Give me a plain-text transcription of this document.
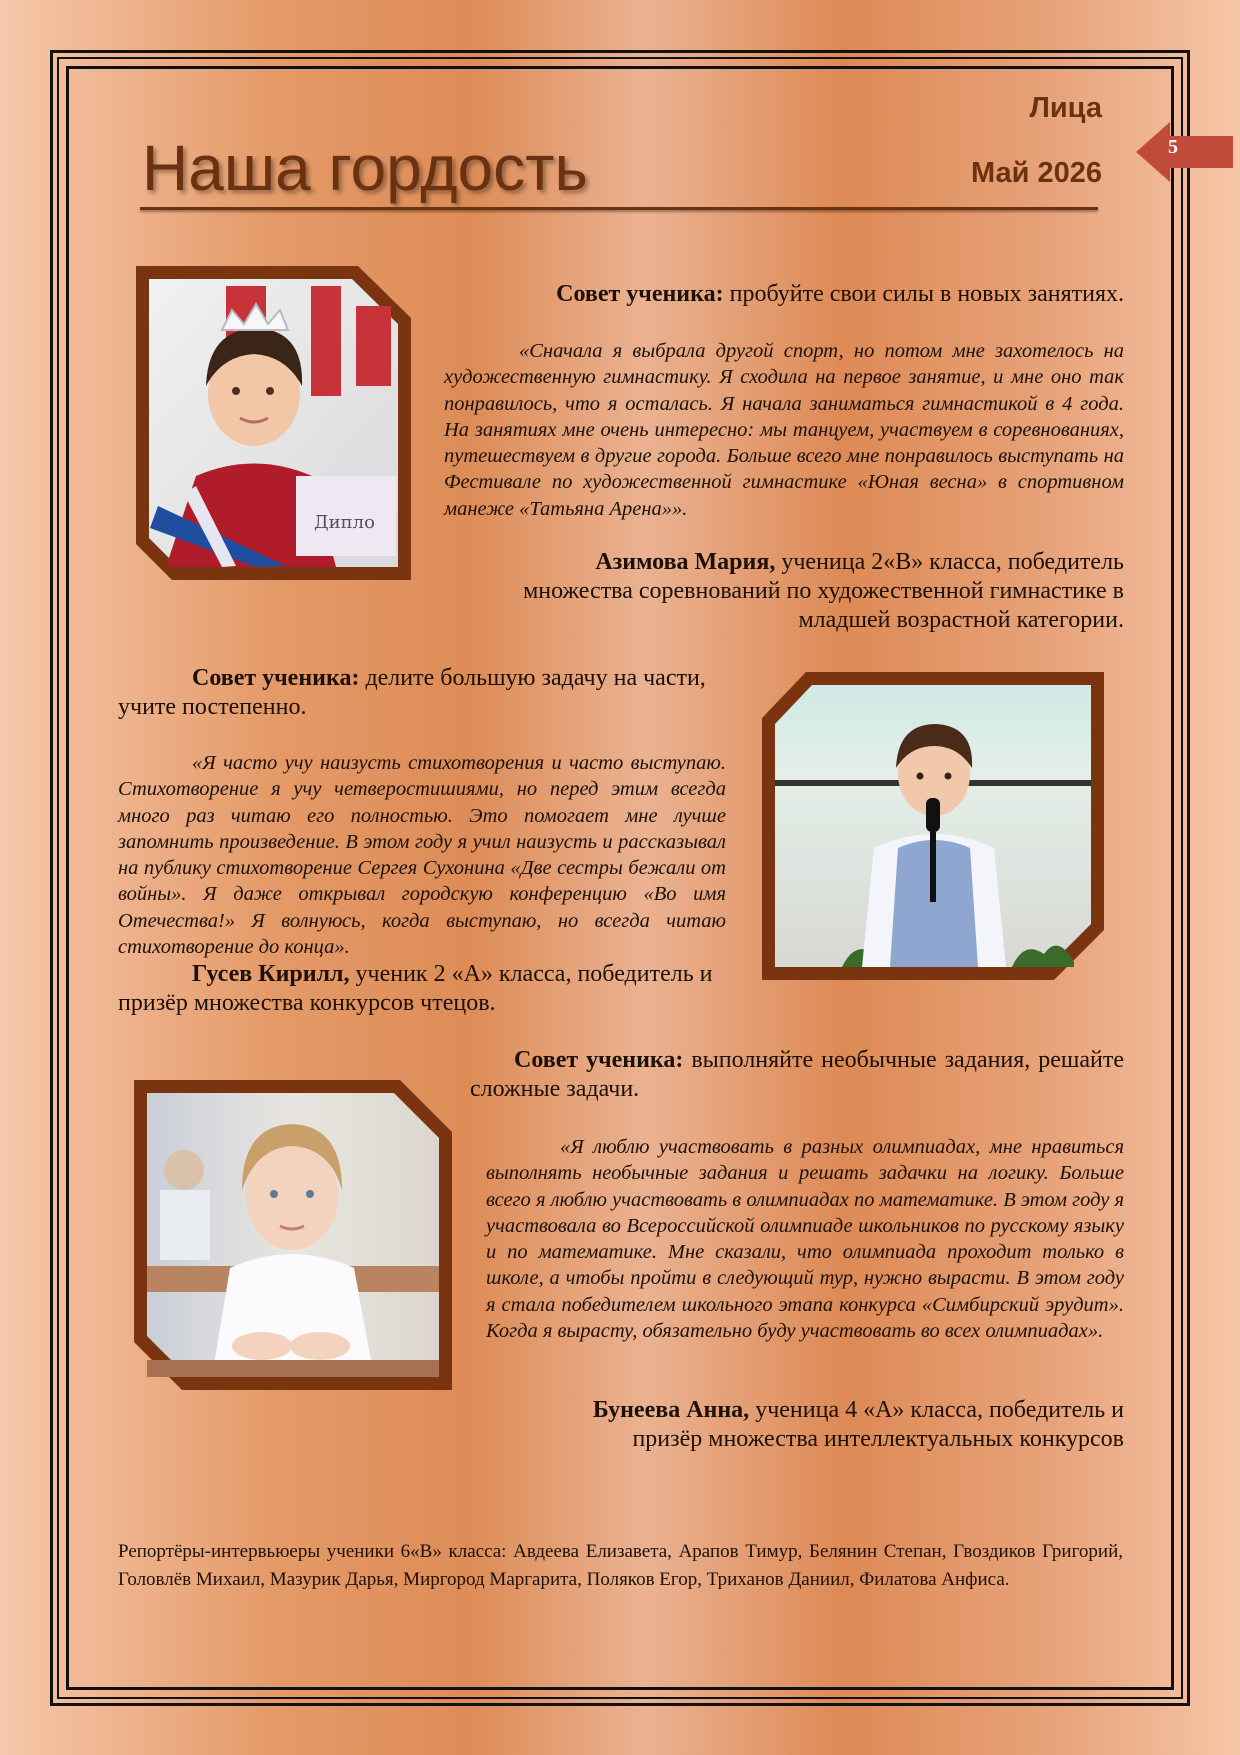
Наша гордость
Лица
Май 2026
5
Дипло

Совет ученика: пробуйте свои силы в новых занятиях.

«Сначала я выбрала другой спорт, но потом мне захотелось на художественную гимнастику. Я сходила на первое занятие, и мне оно так понравилось, что я осталась. Я начала заниматься гимнастикой в 4 года. На занятиях мне очень интересно: мы танцуем, участвуем в соревнованиях, путешествуем в другие города. Больше всего мне понравилось выступать на Фестивале по художественной гимнастике «Юная весна» в спортивном манеже «Татьяна Арена»».

Азимова Мария, ученица 2«В» класса, победитель множества соревнований по художественной гимнастике в младшей возрастной категории.

Совет ученика: делите большую задачу на части, учите постепенно.

«Я часто учу наизусть стихотворения и часто выступаю. Стихотворение я учу четверостишиями, но перед этим всегда много раз читаю его полностью. Это помогает мне лучше запомнить произведение. В этом году я учил наизусть и рассказывал на публику стихотворение Сергея Сухонина «Две сестры бежали от войны». Я даже открывал городскую конференцию «Во имя Отечества!» Я волнуюсь, когда выступаю, но всегда читаю стихотворение до конца».

Гусев Кирилл, ученик 2 «А» класса, победитель и призёр множества конкурсов чтецов.

Совет ученика: выполняйте необычные задания, решайте сложные задачи.

«Я люблю участвовать в разных олимпиадах, мне нравиться выполнять необычные задания и решать задачки на логику. Больше всего я люблю участвовать в олимпиадах по математике. В этом году я участвовала во Всероссийской олимпиаде школьников по русскому языку и по математике. Мне сказали, что олимпиада проходит только в школе, а чтобы пройти в следующий тур, нужно вырасти. В этом году я стала победителем школьного этапа конкурса «Симбирский эрудит». Когда я вырасту, обязательно буду участвовать во всех олимпиадах».

Бунеева Анна, ученица 4 «А» класса, победитель и призёр множества интеллектуальных конкурсов

Репортёры-интервьюеры ученики 6«В» класса: Авдеева Елизавета, Арапов Тимур, Белянин Степан, Гвоздиков Григорий, Головлёв Михаил, Мазурик Дарья, Миргород Маргарита, Поляков Егор, Триханов Даниил, Филатова Анфиса.
